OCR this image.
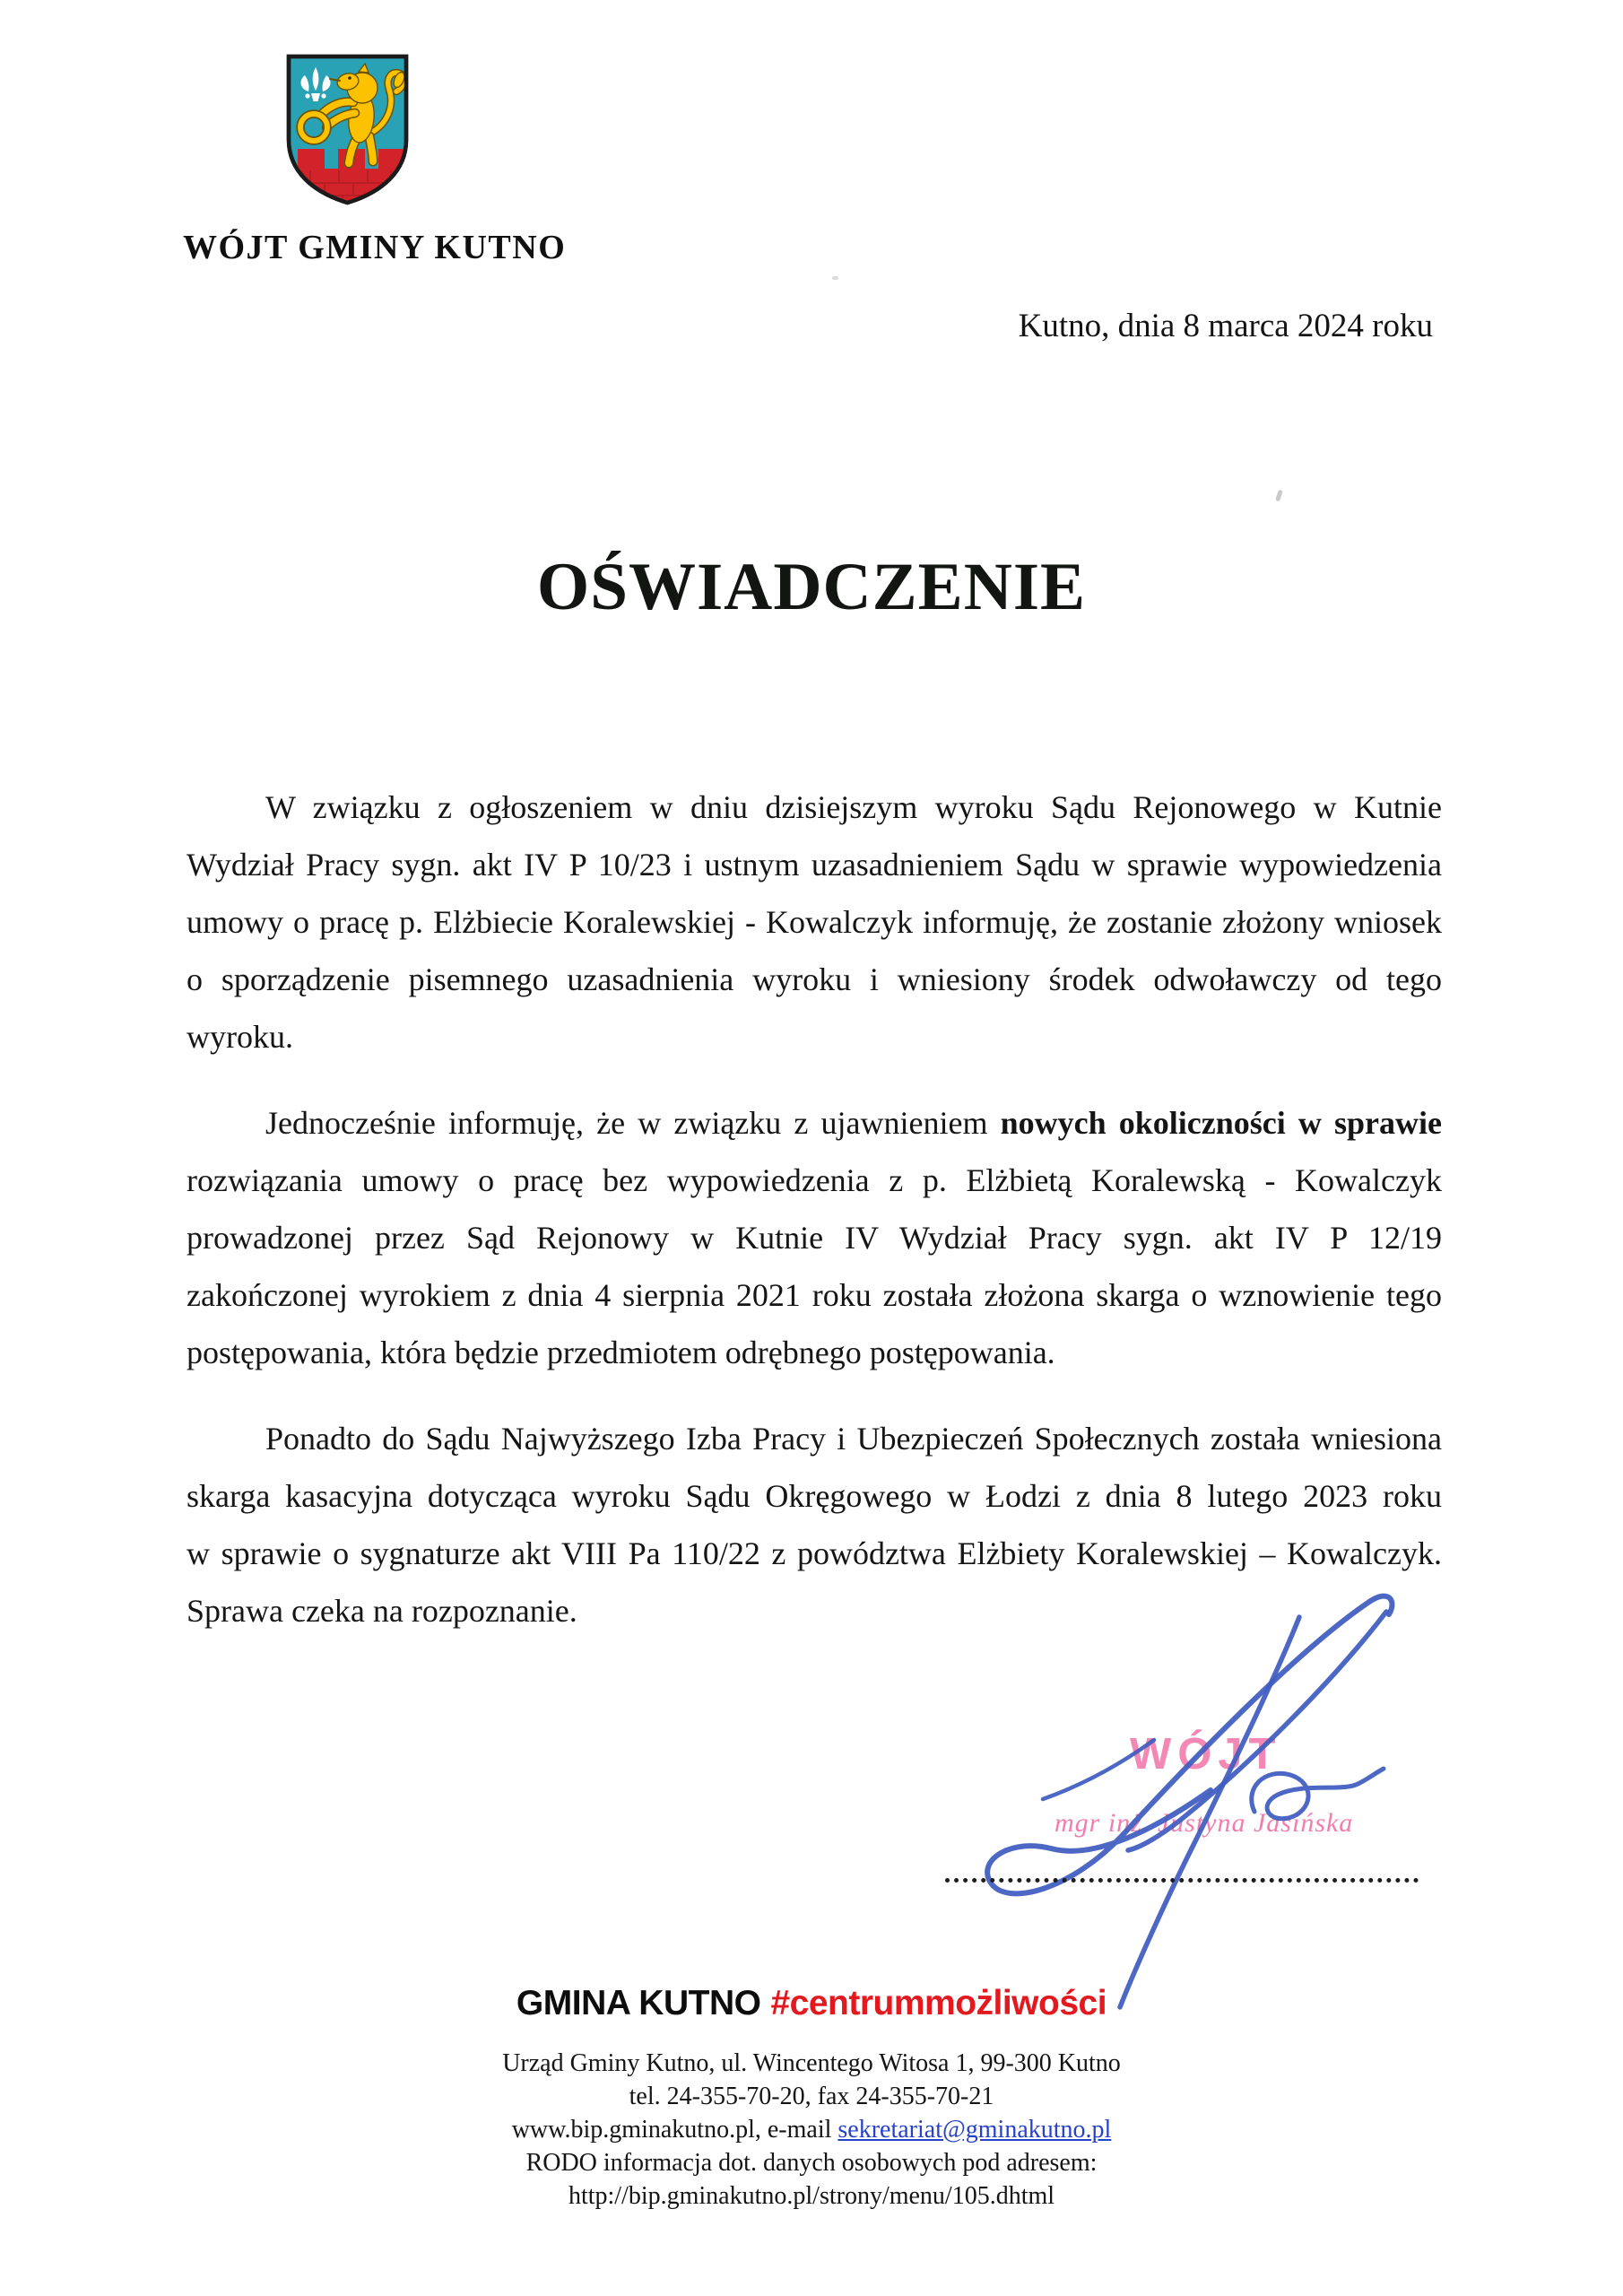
WÓJT GMINY KUTNO
Kutno, dnia 8 marca 2024 roku
OŚWIADCZENIE
W związku z ogłoszeniem w dniu dzisiejszym wyroku Sądu Rejonowego w Kutnie
Wydział Pracy sygn. akt IV P 10/23 i ustnym uzasadnieniem Sądu w sprawie wypowiedzenia
umowy o pracę p. Elżbiecie Koralewskiej - Kowalczyk informuję, że zostanie złożony wniosek
o sporządzenie pisemnego uzasadnienia wyroku i wniesiony środek odwoławczy od tego
wyroku.
Jednocześnie informuję, że w związku z ujawnieniem nowych okoliczności w sprawie
rozwiązania umowy o pracę bez wypowiedzenia z p. Elżbietą Koralewską - Kowalczyk
prowadzonej przez Sąd Rejonowy w Kutnie IV Wydział Pracy sygn. akt IV P 12/19
zakończonej wyrokiem z dnia 4 sierpnia 2021 roku została złożona skarga o wznowienie tego
postępowania, która będzie przedmiotem odrębnego postępowania.
Ponadto do Sądu Najwyższego Izba Pracy i Ubezpieczeń Społecznych została wniesiona
skarga kasacyjna dotycząca wyroku Sądu Okręgowego w Łodzi z dnia 8 lutego 2023 roku
w sprawie o sygnaturze akt VIII Pa 110/22 z powództwa Elżbiety Koralewskiej – Kowalczyk.
Sprawa czeka na rozpoznanie.
WÓJT
mgr inż. Justyna Jasińska
GMINA KUTNO #centrummożliwości
Urząd Gminy Kutno, ul. Wincentego Witosa 1, 99-300 Kutno
tel. 24-355-70-20, fax 24-355-70-21
www.bip.gminakutno.pl, e-mail sekretariat@gminakutno.pl
RODO informacja dot. danych osobowych pod adresem:
http://bip.gminakutno.pl/strony/menu/105.dhtml
